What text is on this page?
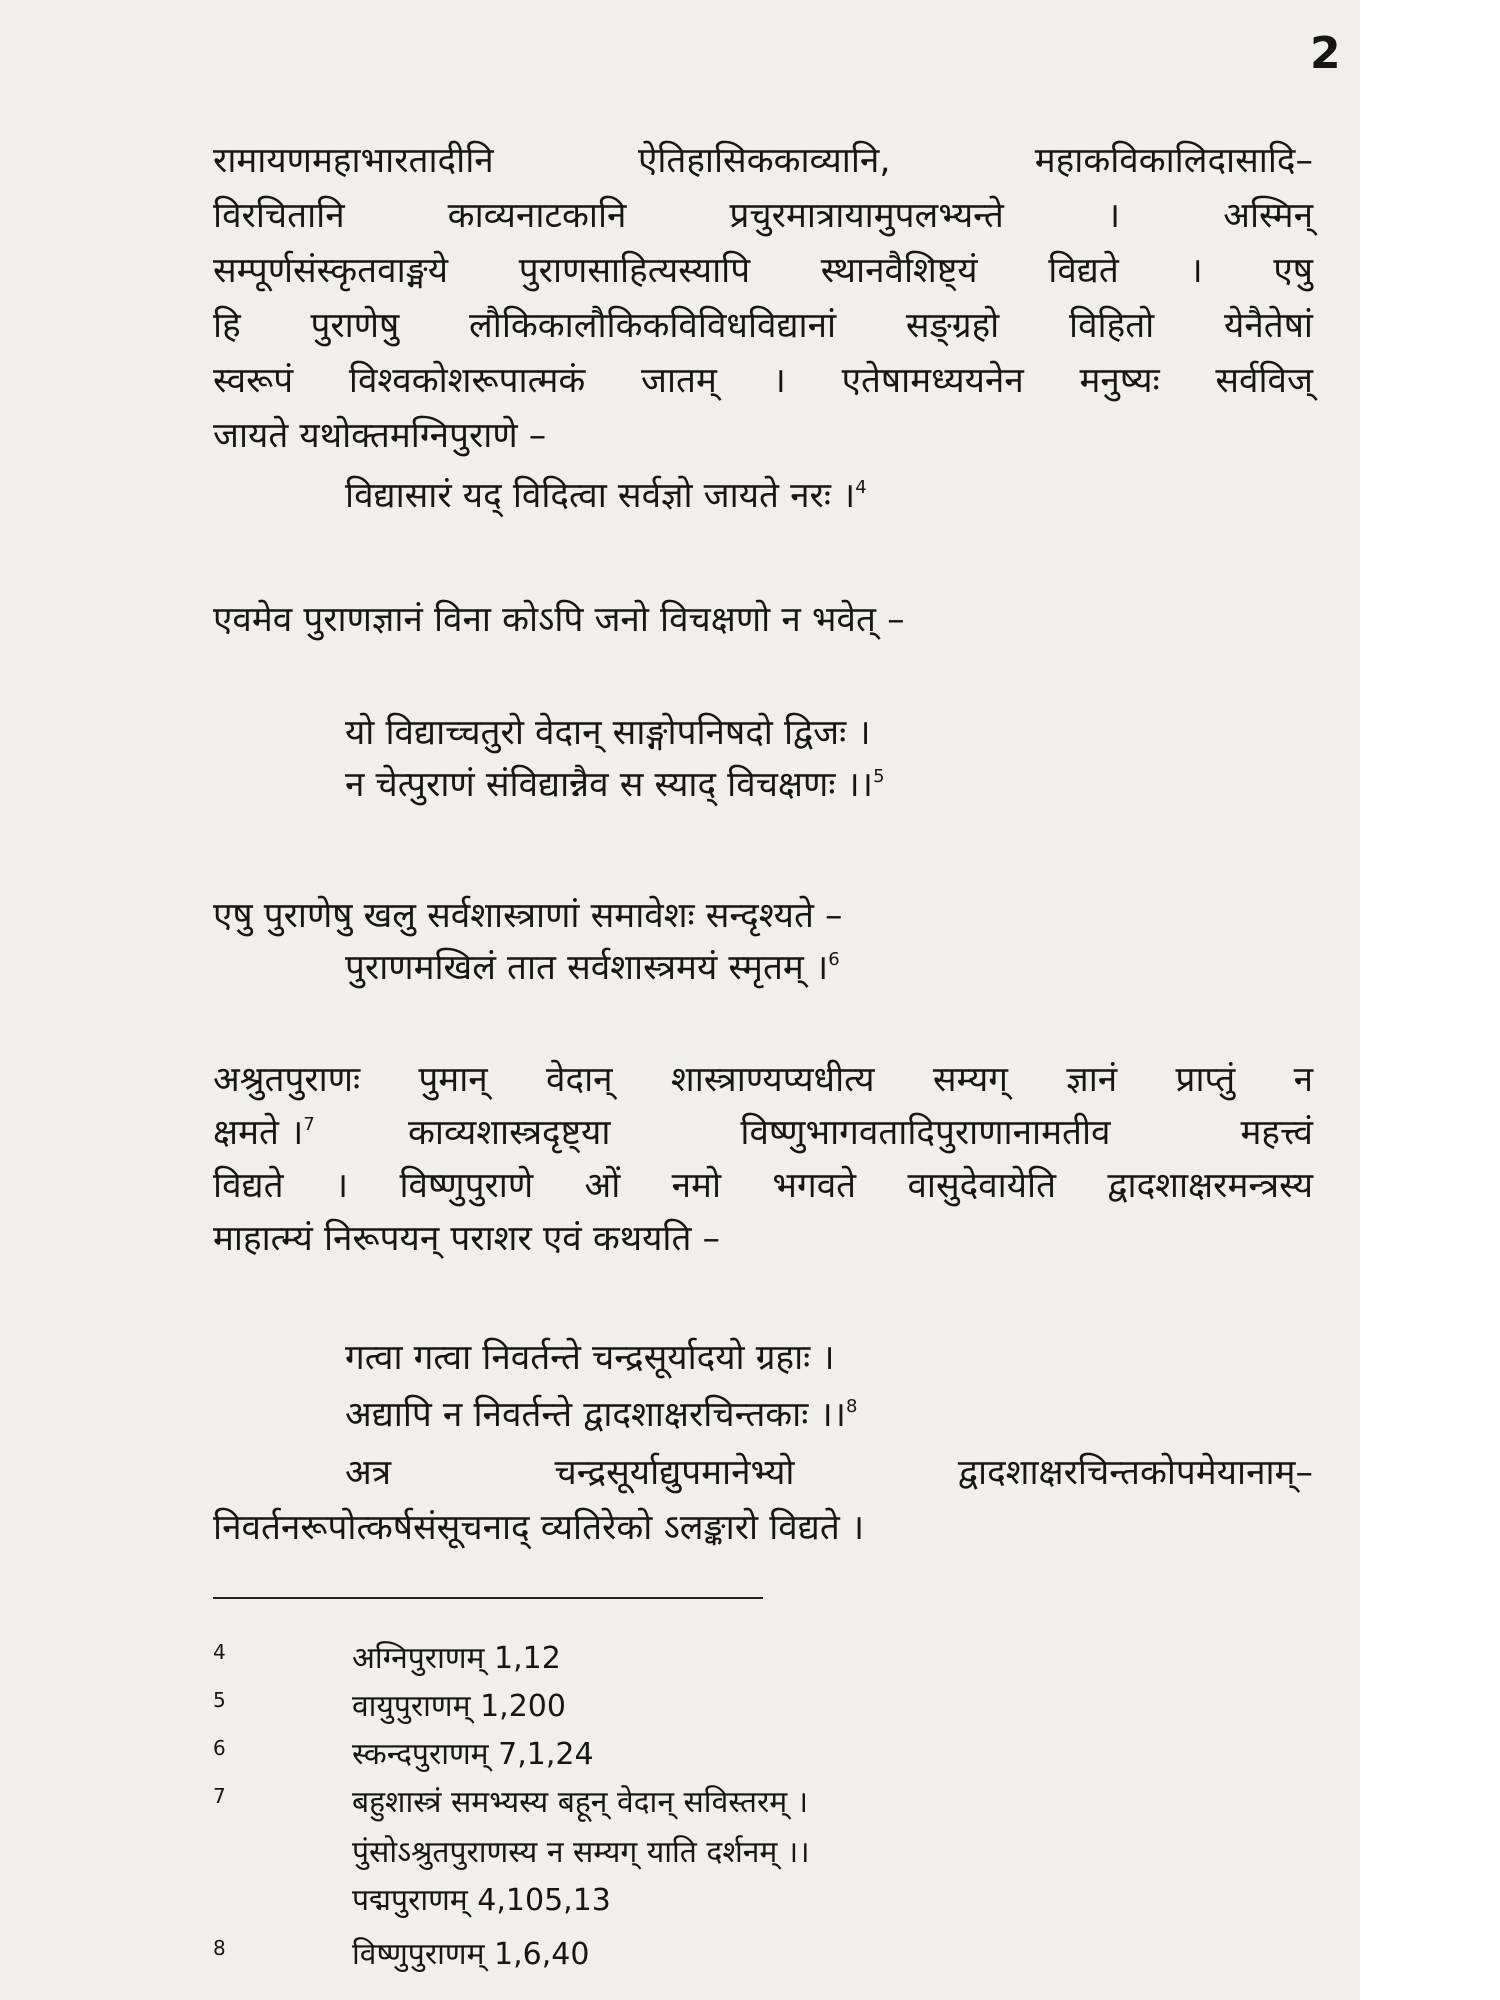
2
रामायणमहाभारतादीनि ऐतिहासिककाव्यानि, महाकविकालिदासादि–
विरचितानि काव्यनाटकानि प्रचुरमात्रायामुपलभ्यन्ते । अस्मिन्
सम्पूर्णसंस्कृतवाङ्मये पुराणसाहित्यस्यापि स्थानवैशिष्ट्यं विद्यते । एषु
हि पुराणेषु लौकिकालौकिकविविधविद्यानां सङ्ग्रहो विहितो येनैतेषां
स्वरूपं विश्वकोशरूपात्मकं जातम् । एतेषामध्ययनेन मनुष्यः सर्वविज्
जायते यथोक्तमग्निपुराणे –
विद्यासारं यद् विदित्वा सर्वज्ञो जायते नरः ।$^4$
एवमेव पुराणज्ञानं विना कोऽपि जनो विचक्षणो न भवेत् –
यो विद्याच्चतुरो वेदान् साङ्गोपनिषदो द्विजः ।
न चेत्पुराणं संविद्यान्नैव स स्याद् विचक्षणः ।।$^5$
एषु पुराणेषु खलु सर्वशास्त्राणां समावेशः सन्दृश्यते –
पुराणमखिलं तात सर्वशास्त्रमयं स्मृतम् ।$^6$
अश्रुतपुराणः पुमान् वेदान् शास्त्राण्यप्यधीत्य सम्यग् ज्ञानं प्राप्तुं न
क्षमते ।$^7$	काव्यशास्त्रदृष्ट्या विष्णुभागवतादिपुराणानामतीव महत्त्वं
विद्यते । विष्णुपुराणे ओं नमो भगवते वासुदेवायेति द्वादशाक्षरमन्त्रस्य
माहात्म्यं निरूपयन् पराशर एवं कथयति –
गत्वा गत्वा निवर्तन्ते चन्द्रसूर्यादयो ग्रहाः ।
अद्यापि न निवर्तन्ते द्वादशाक्षरचिन्तकाः ।।$^8$
अत्र चन्द्रसूर्याद्युपमानेभ्यो द्वादशाक्षरचिन्तकोपमेयानाम्–
निवर्तनरूपोत्कर्षसंसूचनाद् व्यतिरेको ऽलङ्कारो विद्यते ।
4	अग्निपुराणम् 1,12
5	वायुपुराणम् 1,200
6	स्कन्दपुराणम् 7,1,24
7	बहुशास्त्रं समभ्यस्य बहून् वेदान् सविस्तरम् ।
पुंसोऽश्रुतपुराणस्य न सम्यग् याति दर्शनम् ।।
पद्मपुराणम् 4,105,13
8	विष्णुपुराणम् 1,6,40
